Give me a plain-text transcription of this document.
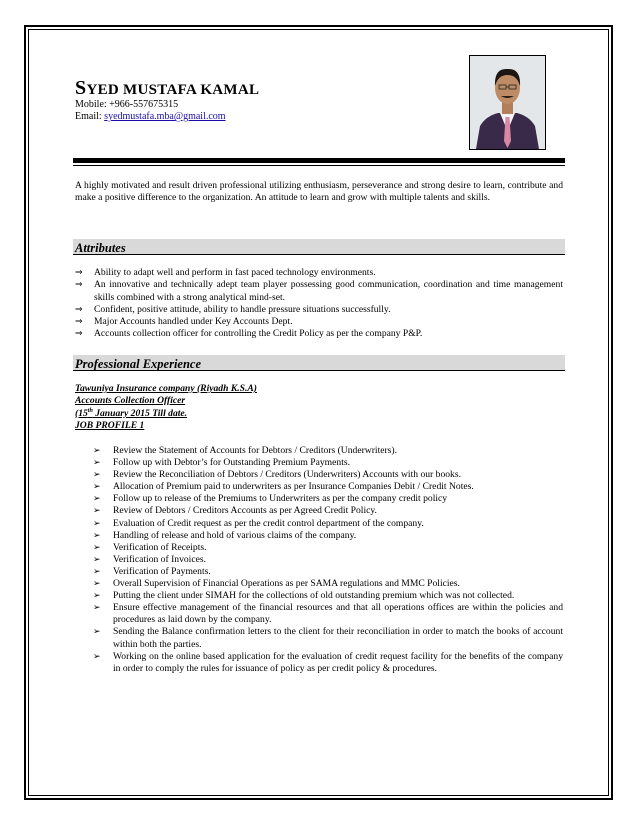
SYED MUSTAFA KAMAL
Mobile: +966-557675315
Email: syedmustafa.mba@gmail.com
A highly motivated and result driven professional utilizing enthusiasm, perseverance and strong desire to learn, contribute and make a positive difference to the organization. An attitude to learn and grow with multiple talents and skills.
Attributes
⇒ Ability to adapt well and perform in fast paced technology environments.
⇒ An innovative and technically adept team player possessing good communication, coordination and time management skills combined with a strong analytical mind-set.
⇒ Confident, positive attitude, ability to handle pressure situations successfully.
⇒ Major Accounts handled under Key Accounts Dept.
⇒ Accounts collection officer for controlling the Credit Policy as per the company P&P.
Professional Experience
Tawuniya Insurance company (Riyadh K.S.A)
Accounts Collection Officer
(15th January 2015 Till date.
JOB PROFILE 1
➢ Review the Statement of Accounts for Debtors / Creditors (Underwriters).
➢ Follow up with Debtor’s for Outstanding Premium Payments.
➢ Review the Reconciliation of Debtors / Creditors (Underwriters) Accounts with our books.
➢ Allocation of Premium paid to underwriters as per Insurance Companies Debit / Credit Notes.
➢ Follow up to release of the Premiums to Underwriters as per the company credit policy
➢ Review of Debtors / Creditors Accounts as per Agreed Credit Policy.
➢ Evaluation of Credit request as per the credit control department of the company.
➢ Handling of release and hold of various claims of the company.
➢ Verification of Receipts.
➢ Verification of Invoices.
➢ Verification of Payments.
➢ Overall Supervision of Financial Operations as per SAMA regulations and MMC Policies.
➢ Putting the client under SIMAH for the collections of old outstanding premium which was not collected.
➢ Ensure effective management of the financial resources and that all operations offices are within the policies and procedures as laid down by the company.
➢ Sending the Balance confirmation letters to the client for their reconciliation in order to match the books of account within both the parties.
➢ Working on the online based application for the evaluation of credit request facility for the benefits of the company in order to comply the rules for issuance of policy as per credit policy & procedures.
